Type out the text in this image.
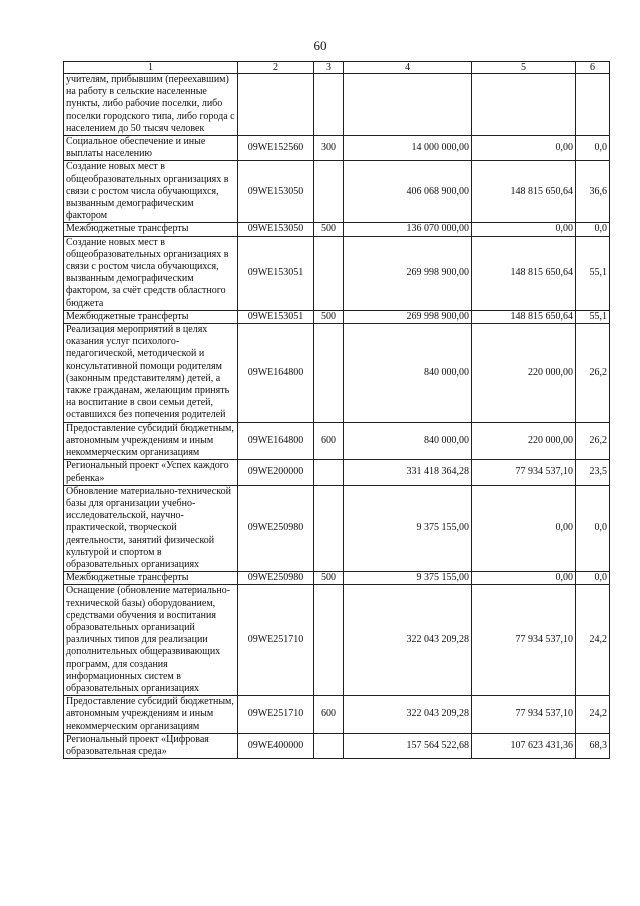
60
1	2	3	4	5	6
учителям, прибывшим (переехавшим) на работу в сельские населенные пункты, либо рабочие поселки, либо поселки городского типа, либо города с населением до 50 тысяч человек					
Социальное обеспечение и иные выплаты населению	09WE152560	300	14 000 000,00	0,00	0,0
Создание новых мест в общеобразовательных организациях в связи с ростом числа обучающихся, вызванным демографическим фактором	09WE153050		406 068 900,00	148 815 650,64	36,6
Межбюджетные трансферты	09WE153050	500	136 070 000,00	0,00	0,0
Создание новых мест в общеобразовательных организациях в связи с ростом числа обучающихся, вызванным демографическим фактором, за счёт средств областного бюджета	09WE153051		269 998 900,00	148 815 650,64	55,1
Межбюджетные трансферты	09WE153051	500	269 998 900,00	148 815 650,64	55,1
Реализация мероприятий в целях оказания услуг психолого-педагогической, методической и консультативной помощи родителям (законным представителям) детей, а также гражданам, желающим принять на воспитание в свои семьи детей, оставшихся без попечения родителей	09WE164800		840 000,00	220 000,00	26,2
Предоставление субсидий бюджетным, автономным учреждениям и иным некоммерческим организациям	09WE164800	600	840 000,00	220 000,00	26,2
Региональный проект «Успех каждого ребенка»	09WE200000		331 418 364,28	77 934 537,10	23,5
Обновление материально-технической базы для организации учебно-исследовательской, научно-практической, творческой деятельности, занятий физической культурой и спортом в образовательных организациях	09WE250980		9 375 155,00	0,00	0,0
Межбюджетные трансферты	09WE250980	500	9 375 155,00	0,00	0,0
Оснащение (обновление материально-технической базы) оборудованием, средствами обучения и воспитания образовательных организаций различных типов для реализации дополнительных общеразвивающих программ, для создания информационных систем в образовательных организациях	09WE251710		322 043 209,28	77 934 537,10	24,2
Предоставление субсидий бюджетным, автономным учреждениям и иным некоммерческим организациям	09WE251710	600	322 043 209,28	77 934 537,10	24,2
Региональный проект «Цифровая образовательная среда»	09WE400000		157 564 522,68	107 623 431,36	68,3
